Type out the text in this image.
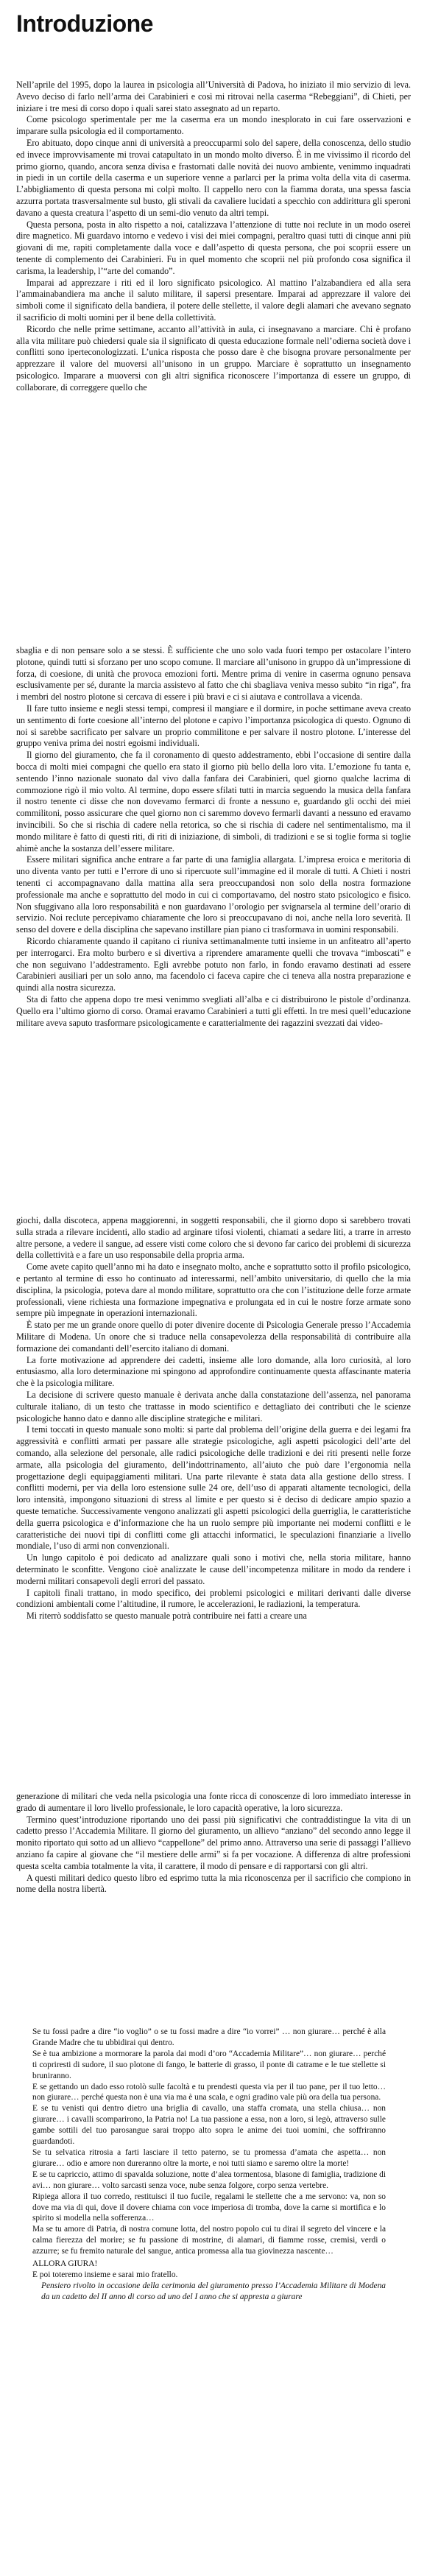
Introduzione

Nell’aprile del 1995, dopo la laurea in psicologia all’Università di Padova, ho iniziato il mio servizio di leva. Avevo deciso di farlo nell’arma dei Carabinieri e così mi ritrovai nella caserma “Rebeggiani”, di Chieti, per iniziare i tre mesi di corso dopo i quali sarei stato assegnato ad un reparto.

Come psicologo sperimentale per me la caserma era un mondo inesplorato in cui fare osservazioni e imparare sulla psicologia ed il comportamento.

Ero abituato, dopo cinque anni di università a preoccuparmi solo del sapere, della conoscenza, dello studio ed invece improvvisamente mi trovai catapultato in un mondo molto diverso. È in me vivissimo il ricordo del primo giorno, quando, ancora senza divisa e frastornati dalle novità dei nuovo ambiente, venimmo inquadrati in piedi in un cortile della caserma e un superiore venne a parlarci per la prima volta della vita di caserma. L’abbigliamento di questa persona mi colpì molto. Il cappello nero con la fiamma dorata, una spessa fascia azzurra portata trasversalmente sul busto, gli stivali da cavaliere lucidati a specchio con addirittura gli speroni davano a questa creatura l’aspetto di un semi-dio venuto da altri tempi.

Questa persona, posta in alto rispetto a noi, catalizzava l’attenzione di tutte noi reclute in un modo osereì dire magnetico. Mi guardavo intorno e vedevo i visi dei miei compagni, peraltro quasi tutti di cinque anni più giovani di me, rapiti completamente dalla voce e dall’aspetto di questa persona, che poi scoprii essere un tenente di complemento dei Carabinieri. Fu in quel momento che scoprii nel più profondo cosa significa il carisma, la leadership, l’“arte del comando”.

Imparai ad apprezzare i riti ed il loro significato psicologico. Al mattino l’alzabandiera ed alla sera l’ammainabandiera ma anche il saluto militare, il sapersi presentare. Imparai ad apprezzare il valore dei simboli come il significato della bandiera, il potere delle stellette, il valore degli alamari che avevano segnato il sacrificio di molti uomini per il bene della collettività.

Ricordo che nelle prime settimane, accanto all’attività in aula, ci insegnavano a marciare. Chi è profano alla vita militare può chiedersi quale sia il significato di questa educazione formale nell’odierna società dove i conflitti sono iperteconologizzati. L’unica risposta che posso dare è che bisogna provare personalmente per apprezzare il valore del muoversi all’unisono in un gruppo. Marciare è soprattutto un insegnamento psicologico. Imparare a muoversi con gli altri significa riconoscere l’importanza di essere un gruppo, di collaborare, di correggere quello che

sbaglia e di non pensare solo a se stessi. È sufficiente che uno solo vada fuori tempo per ostacolare l’intero plotone, quindi tutti si sforzano per uno scopo comune. Il marciare all’unisono in gruppo dà un’impressione di forza, di coesione, di unità che provoca emozioni forti. Mentre prima di venire in caserma ognuno pensava esclusivamente per sé, durante la marcia assistevo al fatto che chi sbagliava veniva messo subito “in riga”, fra i membri del nostro plotone si cercava di essere i più bravi e ci si aiutava e controllava a vicenda.

Il fare tutto insieme e negli stessi tempi, compresi il mangiare e il dormire, in poche settimane aveva creato un sentimento di forte coesione all’interno del plotone e capivo l’importanza psicologica di questo. Ognuno di noi si sarebbe sacrificato per salvare un proprio commilitone e per salvare il nostro plotone. L’interesse del gruppo veniva prima dei nostri egoismi individuali.

Il giorno del giuramento, che fa il coronamento di questo addestramento, ebbi l’occasione di sentire dalla bocca di molti miei compagni che quello era stato il giorno più bello della loro vita. L’emozione fu tanta e, sentendo l’inno nazionale suonato dal vivo dalla fanfara dei Carabinieri, quel giorno qualche lacrima di commozione rigò il mio volto. Al termine, dopo essere sfilati tutti in marcia seguendo la musica della fanfara il nostro tenente ci disse che non dovevamo fermarci di fronte a nessuno e, guardando gli occhi dei miei commilitoni, posso assicurare che quel giorno non ci saremmo dovevo fermarli davanti a nessuno ed eravamo invincibili. So che si rischia di cadere nella retorica, so che si rischia di cadere nel sentimentalismo, ma il mondo militare è fatto di questi riti, di riti di iniziazione, di simboli, di tradizioni e se si toglie forma si toglie ahimè anche la sostanza dell’essere militare.

Essere militari significa anche entrare a far parte di una famiglia allargata. L’impresa eroica e meritoria di uno diventa vanto per tutti e l’errore di uno si ripercuote sull’immagine ed il morale di tutti. A Chieti i nostri tenenti ci accompagnavano dalla mattina alla sera preoccupandosi non solo della nostra formazione professionale ma anche e soprattutto del modo in cui ci comportavamo, del nostro stato psicologico e fisico. Non sfuggivano alla loro responsabilità e non guardavano l’orologio per svignarsela al termine dell’orario di servizio. Noi reclute percepivamo chiaramente che loro si preoccupavano di noi, anche nella loro severità. Il senso del dovere e della disciplina che sapevano instillare pian piano ci trasformava in uomini responsabili.

Ricordo chiaramente quando il capitano ci riuniva settimanalmente tutti insieme in un anfiteatro all’aperto per interrogarci. Era molto burbero e si divertiva a riprendere amaramente quelli che trovava “imboscati” e che non seguivano l’addestramento. Egli avrebbe potuto non farlo, in fondo eravamo destinati ad essere Carabinieri ausiliari per un solo anno, ma facendolo ci faceva capire che ci teneva alla nostra preparazione e quindi alla nostra sicurezza.

Sta di fatto che appena dopo tre mesi venimmo svegliati all’alba e ci distribuirono le pistole d’ordinanza. Quello era l’ultimo giorno di corso. Oramai eravamo Carabinieri a tutti gli effetti. In tre mesi quell’educazione militare aveva saputo trasformare psicologicamente e caratterialmente dei ragazzini svezzati dai video-

giochi, dalla discoteca, appena maggiorenni, in soggetti responsabili, che il giorno dopo si sarebbero trovati sulla strada a rilevare incidenti, allo stadio ad arginare tifosi violenti, chiamati a sedare liti, a trarre in arresto altre persone, a vedere il sangue, ad essere visti come coloro che si devono far carico dei problemi di sicurezza della collettività e a fare un uso responsabile della propria arma.

Come avete capito quell’anno mi ha dato e insegnato molto, anche e soprattutto sotto il profilo psicologico, e pertanto al termine di esso ho continuato ad interessarmi, nell’ambito universitario, di quello che la mia disciplina, la psicologia, poteva dare al mondo militare, soprattutto ora che con l’istituzione delle forze armate professionali, viene richiesta una formazione impegnativa e prolungata ed in cui le nostre forze armate sono sempre più impegnate in operazioni internazionali.

È stato per me un grande onore quello di poter divenire docente di Psicologia Generale presso l’Accademia Militare di Modena. Un onore che si traduce nella consapevolezza della responsabilità di contribuire alla formazione dei comandanti dell’esercito italiano di domani.

La forte motivazione ad apprendere dei cadetti, insieme alle loro domande, alla loro curiosità, al loro entusiasmo, alla loro determinazione mi spingono ad approfondire continuamente questa affascinante materia che è la psicologia militare.

La decisione di scrivere questo manuale è derivata anche dalla constatazione dell’assenza, nel panorama culturale italiano, di un testo che trattasse in modo scientifico e dettagliato dei contributi che le scienze psicologiche hanno dato e danno alle discipline strategiche e militari.

I temi toccati in questo manuale sono molti: si parte dal problema dell’origine della guerra e dei legami fra aggressività e conflitti armati per passare alle strategie psicologiche, agli aspetti psicologici dell’arte del comando, alla selezione del personale, alle radici psicologiche delle tradizioni e dei riti presenti nelle forze armate, alla psicologia del giuramento, dell’indottrinamento, all’aiuto che può dare l’ergonomia nella progettazione degli equipaggiamenti militari. Una parte rilevante è stata data alla gestione dello stress. I conflitti moderni, per via della loro estensione sulle 24 ore, dell’uso di apparati altamente tecnologici, della loro intensità, impongono situazioni di stress al limite e per questo si è deciso di dedicare ampio spazio a queste tematiche. Successivamente vengono analizzati gli aspetti psicologici della guerriglia, le caratteristiche della guerra psicologica e d’informazione che ha un ruolo sempre più importante nei moderni conflitti e le caratteristiche dei nuovi tipi di conflitti come gli attacchi informatici, le speculazioni finanziarie a livello mondiale, l’uso di armi non convenzionali.

Un lungo capitolo è poi dedicato ad analizzare quali sono i motivi che, nella storia militare, hanno determinato le sconfitte. Vengono cioè analizzate le cause dell’incompetenza militare in modo da rendere i moderni militari consapevoli degli errori del passato.

I capitoli finali trattano, in modo specifico, dei problemi psicologici e militari derivanti dalle diverse condizioni ambientali come l’altitudine, il rumore, le accelerazioni, le radiazioni, la temperatura.

Mi riterrò soddisfatto se questo manuale potrà contribuire nei fatti a creare una

generazione di militari che veda nella psicologia una fonte ricca di conoscenze di loro immediato interesse in grado di aumentare il loro livello professionale, le loro capacità operative, la loro sicurezza.

Termino quest’introduzione riportando uno dei passi più significativi che contraddistingue la vita di un cadetto presso l’Accademia Militare. Il giorno del giuramento, un allievo “anziano” del secondo anno legge il monito riportato qui sotto ad un allievo “cappellone” del primo anno. Attraverso una serie di passaggi l’allievo anziano fa capire al giovane che “il mestiere delle armi” si fa per vocazione. A differenza di altre professioni questa scelta cambia totalmente la vita, il carattere, il modo di pensare e di rapportarsi con gli altri.

A questi militari dedico questo libro ed esprimo tutta la mia riconoscenza per il sacrificio che compiono in nome della nostra libertà.

Se tu fossi padre a dire “io voglio” o se tu fossi madre a dire “io vorrei” … non giurare… perché è alla Grande Madre che tu ubbidirai qui dentro.

Se è tua ambizione a mormorare la parola dai modi d’oro “Accademia Militare”… non giurare… perché ti copriresti di sudore, il suo plotone di fango, le batterie di grasso, il ponte di catrame e le tue stellette si bruniranno.

E se gettando un dado esso rotolò sulle facoltà e tu prendesti questa via per il tuo pane, per il tuo letto… non giurare… perché questa non è una via ma è una scala, e ogni gradino vale più ora della tua persona.

E se tu venisti qui dentro dietro una briglia di cavallo, una staffa cromata, una stella chiusa… non giurare… i cavalli scomparirono, la Patria no! La tua passione a essa, non a loro, si legò, attraverso sulle gambe sottili del tuo parosangue sarai troppo alto sopra le anime dei tuoi uomini, che soffriranno guardandoti.

Se tu selvatica ritrosia a farti lasciare il tetto paterno, se tu promessa d’amata che aspetta… non giurare… odio e amore non dureranno oltre la morte, e noi tutti siamo e saremo oltre la morte!

E se tu capriccio, attimo di spavalda soluzione, notte d’alea tormentosa, blasone di famiglia, tradizione di avi… non giurare… volto sarcasti senza voce, nube senza folgore, corpo senza vertebre.

Ripiega allora il tuo corredo, restituisci il tuo fucile, regalami le stellette che a me servono: va, non so dove ma via di qui, dove il dovere chiama con voce imperiosa di tromba, dove la carne si mortifica e lo spirito si modella nella sofferenza…

Ma se tu amore di Patria, di nostra comune lotta, del nostro popolo cui tu dirai il segreto del vincere e la calma fierezza del morire; se fu passione di mostrine, di alamari, di fiamme rosse, cremisi, verdi o azzurre; se fu fremito naturale del sangue, antica promessa alla tua giovinezza nascente…

ALLORA GIURA!

E poi toteremo insieme e sarai mio fratello.

Pensiero rivolto in occasione della cerimonia del giuramento presso l’Accademia Militare di Modena da un cadetto del II anno di corso ad uno del I anno che si appresta a giurare
